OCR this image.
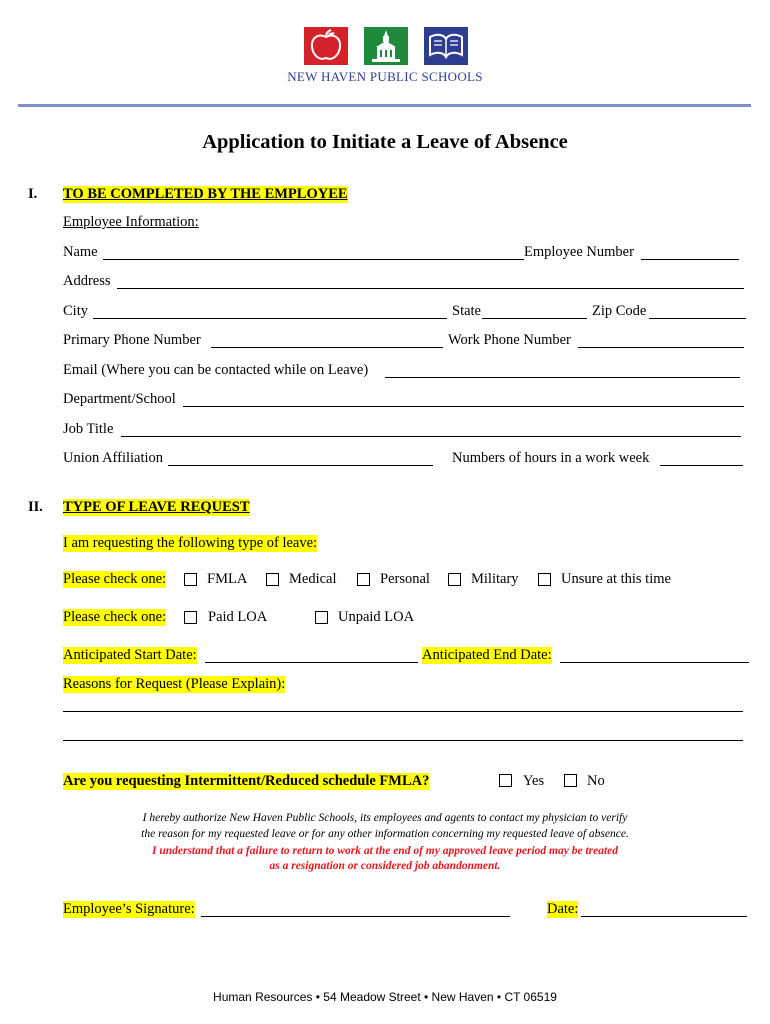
NEW HAVEN PUBLIC SCHOOLS
Application to Initiate a Leave of Absence
I. TO BE COMPLETED BY THE EMPLOYEE
Employee Information:
Name	Employee Number
Address
City	State	Zip Code
Primary Phone Number	Work Phone Number
Email (Where you can be contacted while on Leave)
Department/School
Job Title
Union Affiliation	Numbers of hours in a work week
II. TYPE OF LEAVE REQUEST
I am requesting the following type of leave:
Please check one:	FMLA	Medical	Personal	Military	Unsure at this time
Please check one:	Paid LOA	Unpaid LOA
Anticipated Start Date:	Anticipated End Date:
Reasons for Request (Please Explain):
Are you requesting Intermittent/Reduced schedule FMLA?	Yes	No
I hereby authorize New Haven Public Schools, its employees and agents to contact my physician to verify
the reason for my requested leave or for any other information concerning my requested leave of absence.
I understand that a failure to return to work at the end of my approved leave period may be treated
as a resignation or considered job abandonment.
Employee’s Signature:	Date:
Human Resources • 54 Meadow Street • New Haven • CT 06519
